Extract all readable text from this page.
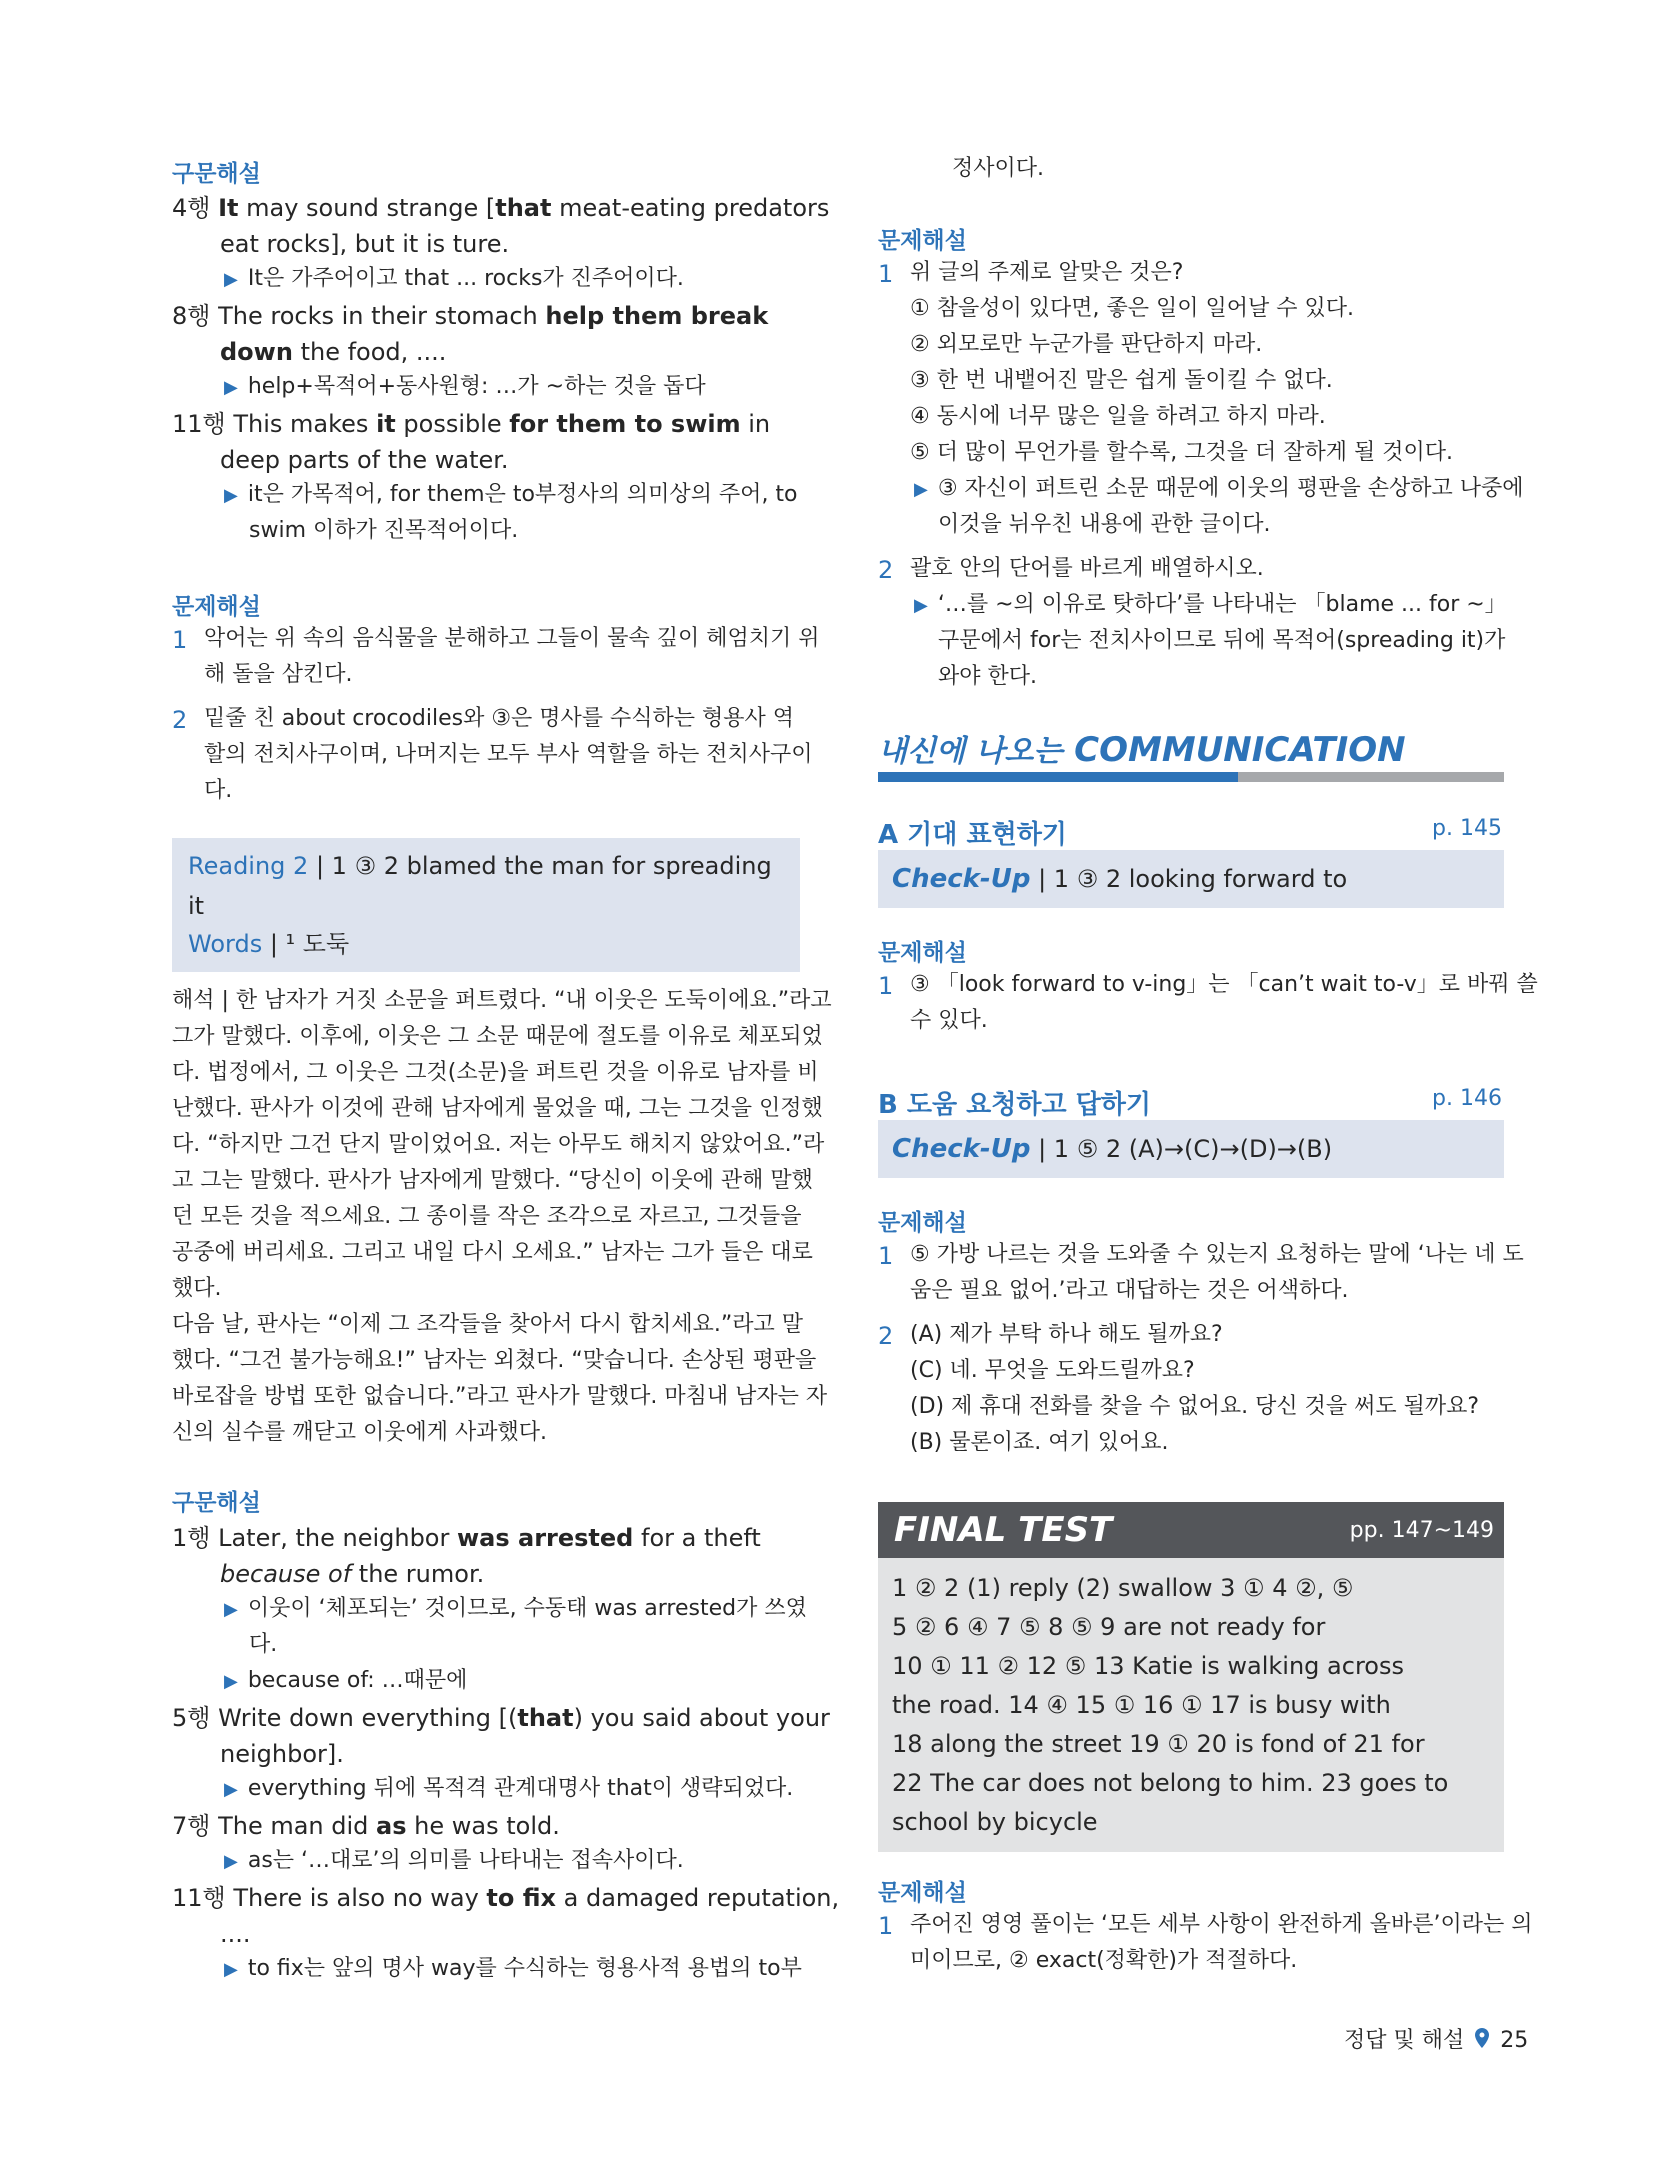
구문해설
4행 It may sound strange [that meat-eating predators
eat rocks], but it is ture.
▶ It은 가주어이고 that ... rocks가 진주어이다.
8행 The rocks in their stomach help them break
down the food, ....
▶ help+목적어+동사원형: …가 ~하는 것을 돕다
11행 This makes it possible for them to swim in
deep parts of the water.
▶ it은 가목적어, for them은 to부정사의 의미상의 주어, to
swim 이하가 진목적어이다.
문제해설
1 악어는 위 속의 음식물을 분해하고 그들이 물속 깊이 헤엄치기 위
해 돌을 삼킨다.
2 밑줄 친 about crocodiles와 ③은 명사를 수식하는 형용사 역
할의 전치사구이며, 나머지는 모두 부사 역할을 하는 전치사구이
다.
Reading 2 | 1 ③ 2 blamed the man for spreading
it
Words | ¹ 도둑
해석 | 한 남자가 거짓 소문을 퍼트렸다. “내 이웃은 도둑이에요.”라고
그가 말했다. 이후에, 이웃은 그 소문 때문에 절도를 이유로 체포되었
다. 법정에서, 그 이웃은 그것(소문)을 퍼트린 것을 이유로 남자를 비
난했다. 판사가 이것에 관해 남자에게 물었을 때, 그는 그것을 인정했
다. “하지만 그건 단지 말이었어요. 저는 아무도 해치지 않았어요.”라
고 그는 말했다. 판사가 남자에게 말했다. “당신이 이웃에 관해 말했
던 모든 것을 적으세요. 그 종이를 작은 조각으로 자르고, 그것들을
공중에 버리세요. 그리고 내일 다시 오세요.” 남자는 그가 들은 대로
했다.
다음 날, 판사는 “이제 그 조각들을 찾아서 다시 합치세요.”라고 말
했다. “그건 불가능해요!” 남자는 외쳤다. “맞습니다. 손상된 평판을
바로잡을 방법 또한 없습니다.”라고 판사가 말했다. 마침내 남자는 자
신의 실수를 깨닫고 이웃에게 사과했다.
구문해설
1행 Later, the neighbor was arrested for a theft
because of the rumor.
▶ 이웃이 ‘체포되는’ 것이므로, 수동태 was arrested가 쓰였
다.
▶ because of: …때문에
5행 Write down everything [(that) you said about your
neighbor].
▶ everything 뒤에 목적격 관계대명사 that이 생략되었다.
7행 The man did as he was told.
▶ as는 ‘…대로’의 의미를 나타내는 접속사이다.
11행 There is also no way to fix a damaged reputation,
....
▶ to fix는 앞의 명사 way를 수식하는 형용사적 용법의 to부
정사이다.
문제해설
1 위 글의 주제로 알맞은 것은?
① 참을성이 있다면, 좋은 일이 일어날 수 있다.
② 외모로만 누군가를 판단하지 마라.
③ 한 번 내뱉어진 말은 쉽게 돌이킬 수 없다.
④ 동시에 너무 많은 일을 하려고 하지 마라.
⑤ 더 많이 무언가를 할수록, 그것을 더 잘하게 될 것이다.
▶ ③ 자신이 퍼트린 소문 때문에 이웃의 평판을 손상하고 나중에
이것을 뉘우친 내용에 관한 글이다.
2 괄호 안의 단어를 바르게 배열하시오.
▶ ‘…를 ~의 이유로 탓하다’를 나타내는 「blame ... for ~」
구문에서 for는 전치사이므로 뒤에 목적어(spreading it)가
와야 한다.
내신에 나오는 COMMUNICATION
A 기대 표현하기	p. 145
Check-Up | 1 ③ 2 looking forward to
문제해설
1 ③ 「look forward to v-ing」는 「can’t wait to-v」로 바꿔 쓸
수 있다.
B 도움 요청하고 답하기	p. 146
Check-Up | 1 ⑤ 2 (A)→(C)→(D)→(B)
문제해설
1 ⑤ 가방 나르는 것을 도와줄 수 있는지 요청하는 말에 ‘나는 네 도
움은 필요 없어.’라고 대답하는 것은 어색하다.
2 (A) 제가 부탁 하나 해도 될까요?
(C) 네. 무엇을 도와드릴까요?
(D) 제 휴대 전화를 찾을 수 없어요. 당신 것을 써도 될까요?
(B) 물론이죠. 여기 있어요.
FINAL TEST	pp. 147~149
1 ② 2 (1) reply (2) swallow 3 ① 4 ②, ⑤
5 ② 6 ④ 7 ⑤ 8 ⑤ 9 are not ready for
10 ① 11 ② 12 ⑤ 13 Katie is walking across
the road. 14 ④ 15 ① 16 ① 17 is busy with
18 along the street 19 ① 20 is fond of 21 for
22 The car does not belong to him. 23 goes to
school by bicycle
문제해설
1 주어진 영영 풀이는 ‘모든 세부 사항이 완전하게 올바른’이라는 의
미이므로, ② exact(정확한)가 적절하다.
정답 및 해설 25
